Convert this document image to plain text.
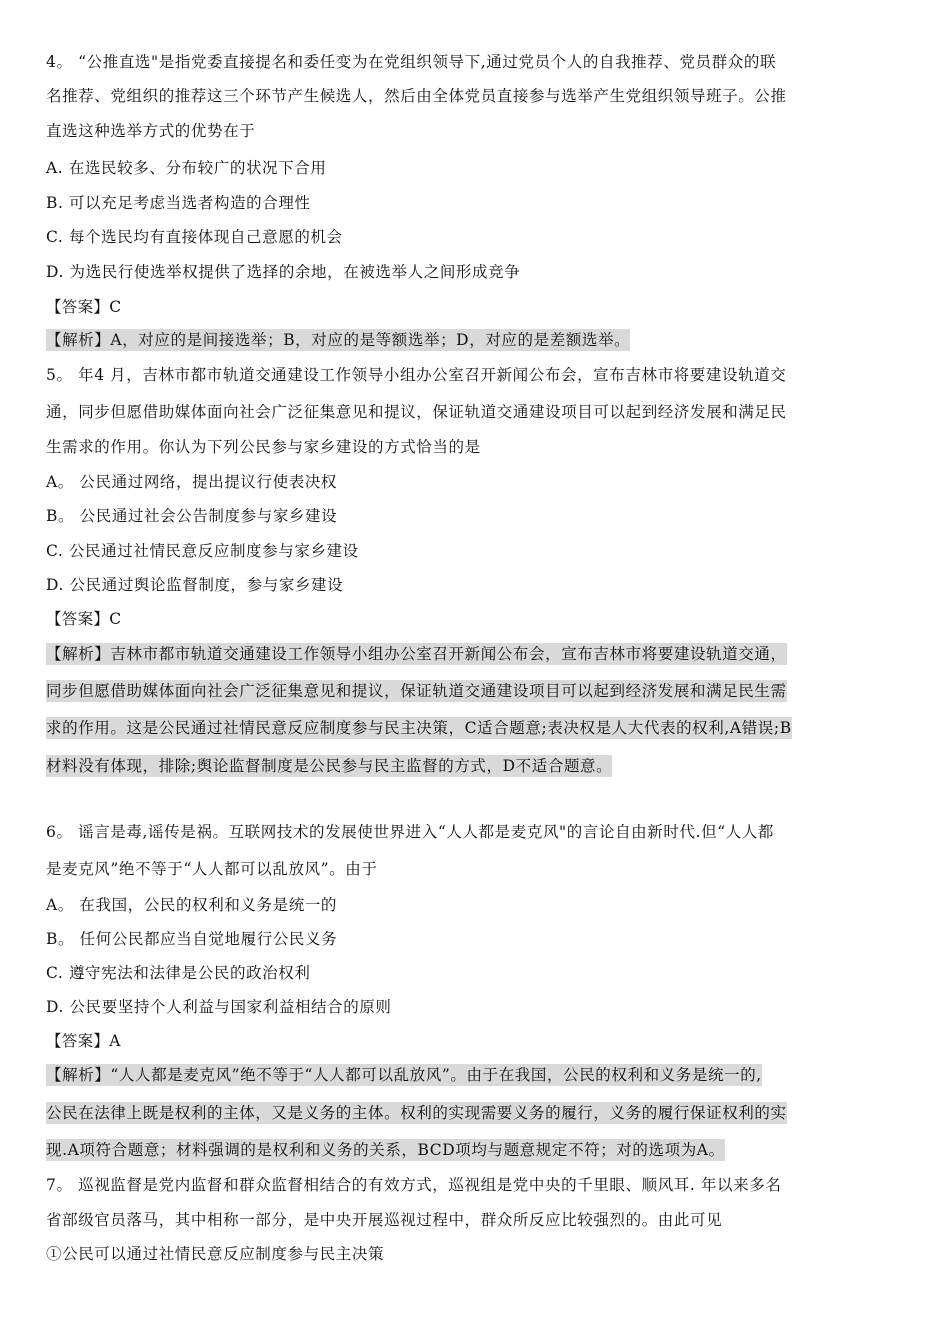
4。 “公推直选"是指党委直接提名和委任变为在党组织领导下,通过党员个人的自我推荐、党员群众的联
名推荐、党组织的推荐这三个环节产生候选人，然后由全体党员直接参与选举产生党组织领导班子。公推
直选这种选举方式的优势在于
A. 在选民较多、分布较广的状况下合用
B. 可以充足考虑当选者构造的合理性
C. 每个选民均有直接体现自己意愿的机会
D. 为选民行使选举权提供了选择的余地，在被选举人之间形成竞争
【答案】C
【解析】A，对应的是间接选举；B，对应的是等额选举；D，对应的是差额选举。
5。 年4 月，吉林市都市轨道交通建设工作领导小组办公室召开新闻公布会，宣布吉林市将要建设轨道交
通，同步但愿借助媒体面向社会广泛征集意见和提议，保证轨道交通建设项目可以起到经济发展和满足民
生需求的作用。你认为下列公民参与家乡建设的方式恰当的是
A。 公民通过网络，提出提议行使表决权
B。 公民通过社会公告制度参与家乡建设
C. 公民通过社情民意反应制度参与家乡建设
D. 公民通过舆论监督制度，参与家乡建设
【答案】C
【解析】吉林市都市轨道交通建设工作领导小组办公室召开新闻公布会，宣布吉林市将要建设轨道交通，
同步但愿借助媒体面向社会广泛征集意见和提议，保证轨道交通建设项目可以起到经济发展和满足民生需
求的作用。这是公民通过社情民意反应制度参与民主决策，C适合题意;表决权是人大代表的权利,A错误;B
材料没有体现，排除;舆论监督制度是公民参与民主监督的方式，D不适合题意。
6。 谣言是毒,谣传是祸。互联网技术的发展使世界进入“人人都是麦克风"的言论自由新时代.但“人人都
是麦克风”绝不等于“人人都可以乱放风”。由于
A。 在我国，公民的权利和义务是统一的
B。 任何公民都应当自觉地履行公民义务
C. 遵守宪法和法律是公民的政治权利
D. 公民要坚持个人利益与国家利益相结合的原则
【答案】A
【解析】“人人都是麦克风”绝不等于“人人都可以乱放风”。由于在我国，公民的权利和义务是统一的,
公民在法律上既是权利的主体，又是义务的主体。权利的实现需要义务的履行，义务的履行保证权利的实
现.A项符合题意；材料强调的是权利和义务的关系，BCD项均与题意规定不符；对的选项为A。
7。 巡视监督是党内监督和群众监督相结合的有效方式，巡视组是党中央的千里眼、顺风耳. 年以来多名
省部级官员落马，其中相称一部分，是中央开展巡视过程中，群众所反应比较强烈的。由此可见
①公民可以通过社情民意反应制度参与民主决策
